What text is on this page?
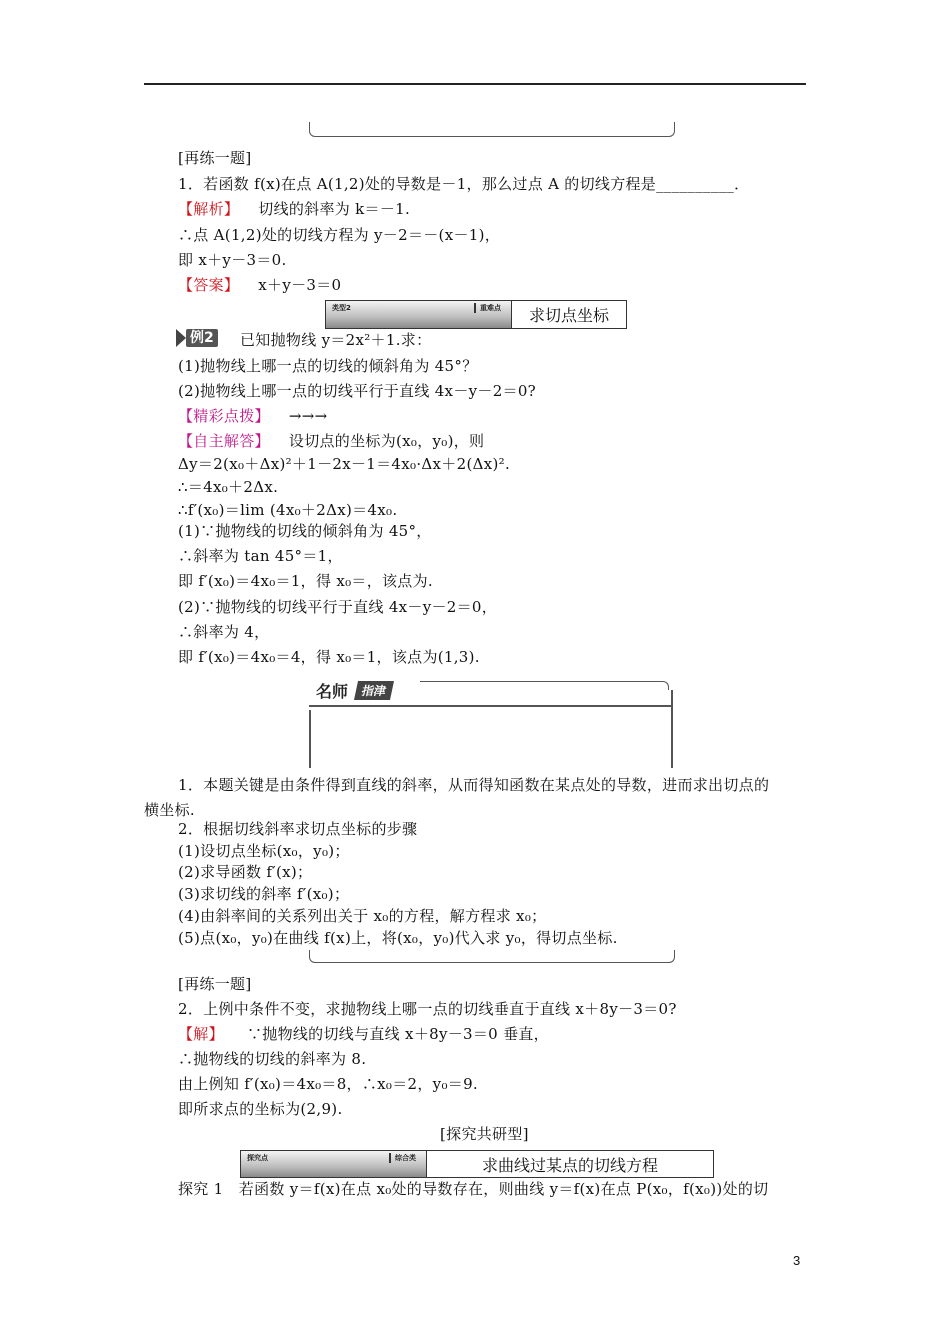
[再练一题]
1．若函数 f(x)在点 A(1,2)处的导数是－1，那么过点 A 的切线方程是__________．
【解析】 切线的斜率为 k＝－1.
∴点 A(1,2)处的切线方程为 y－2＝－(x－1)，
即 x＋y－3＝0.
【答案】 x＋y－3＝0
类型2	重难点	求切点坐标
例2 已知抛物线 y＝2x²＋1.求：
(1)抛物线上哪一点的切线的倾斜角为 45°？
(2)抛物线上哪一点的切线平行于直线 4x－y－2＝0?
【精彩点拨】 →→→
【自主解答】 设切点的坐标为(x₀，y₀)，则
Δy＝2(x₀＋Δx)²＋1－2x－1＝4x₀·Δx＋2(Δx)².
∴＝4x₀＋2Δx.
∴f′(x₀)＝lim (4x₀＋2Δx)＝4x₀.
(1)∵抛物线的切线的倾斜角为 45°，
∴斜率为 tan 45°＝1，
即 f′(x₀)＝4x₀＝1，得 x₀＝，该点为.
(2)∵抛物线的切线平行于直线 4x－y－2＝0，
∴斜率为 4，
即 f′(x₀)＝4x₀＝4，得 x₀＝1，该点为(1,3).
名师	指津
1．本题关键是由条件得到直线的斜率，从而得知函数在某点处的导数，进而求出切点的
横坐标.
2．根据切线斜率求切点坐标的步骤
(1)设切点坐标(x₀，y₀)；
(2)求导函数 f′(x)；
(3)求切线的斜率 f′(x₀)；
(4)由斜率间的关系列出关于 x₀的方程，解方程求 x₀；
(5)点(x₀，y₀)在曲线 f(x)上，将(x₀，y₀)代入求 y₀，得切点坐标.
[再练一题]
2．上例中条件不变，求抛物线上哪一点的切线垂直于直线 x＋8y－3＝0?
【解】 ∵抛物线的切线与直线 x＋8y－3＝0 垂直，
∴抛物线的切线的斜率为 8.
由上例知 f′(x₀)＝4x₀＝8，∴x₀＝2，y₀＝9.
即所求点的坐标为(2,9).
[探究共研型]
探究点	综合类	求曲线过某点的切线方程
探究 1　若函数 y＝f(x)在点 x₀处的导数存在，则曲线 y＝f(x)在点 P(x₀，f(x₀))处的切
3
